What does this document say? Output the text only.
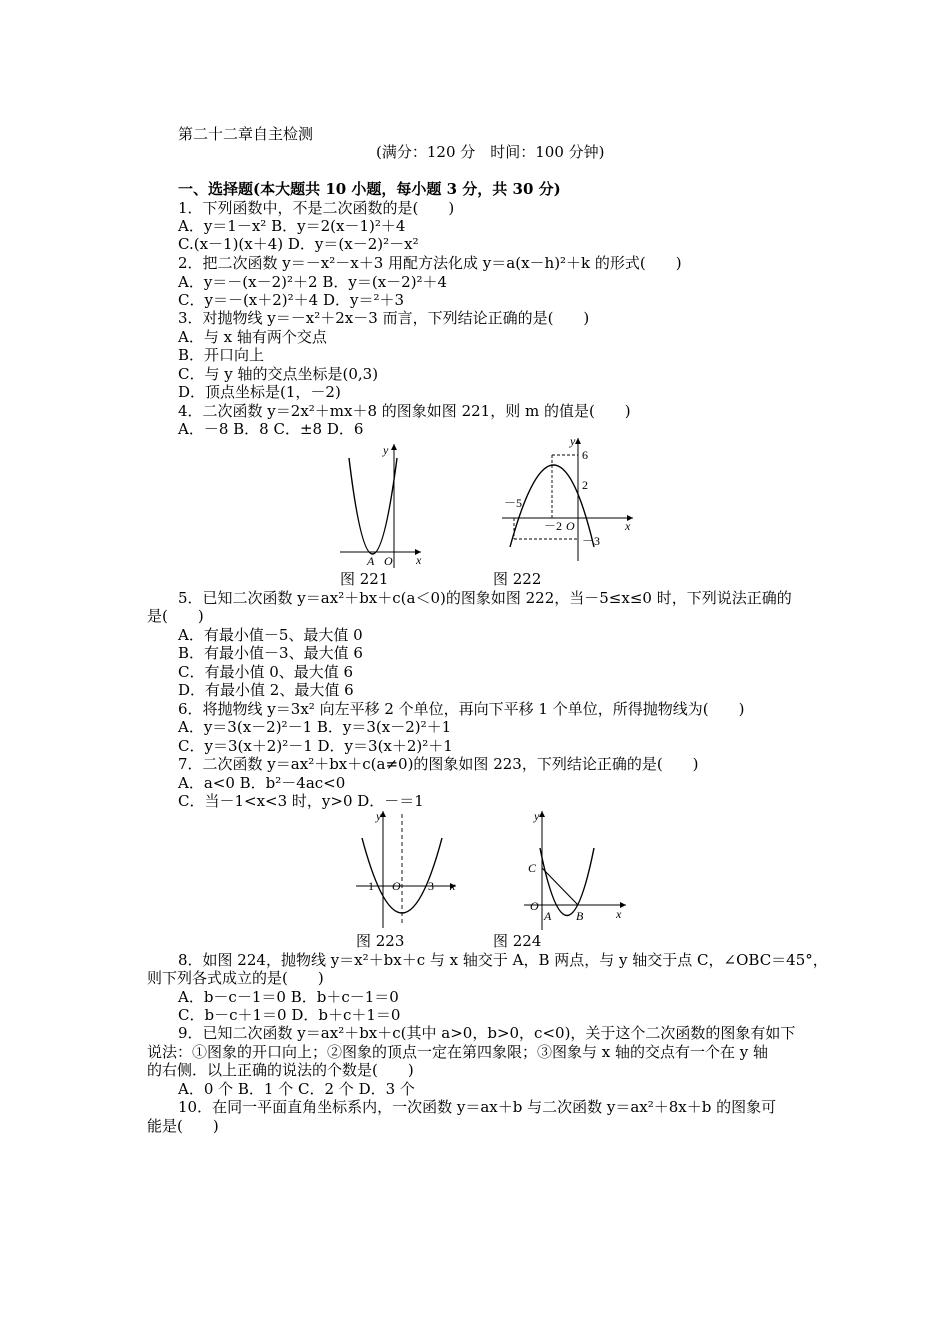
第二十二章自主检测
(满分：120 分　时间：100 分钟)
一、选择题(本大题共 10 小题，每小题 3 分，共 30 分)
1．下列函数中，不是二次函数的是(　　)
A．y＝1－x² B．y＝2(x－1)²＋4
C.(x－1)(x＋4) D．y＝(x－2)²－x²
2．把二次函数 y＝－x²－x＋3 用配方法化成 y＝a(x－h)²＋k 的形式(　　)
A．y＝－(x－2)²＋2 B．y＝(x－2)²＋4
C．y＝－(x＋2)²＋4 D．y＝²＋3
3．对抛物线 y＝－x²＋2x－3 而言，下列结论正确的是(　　)
A．与 x 轴有两个交点
B．开口向上
C．与 y 轴的交点坐标是(0,3)
D．顶点坐标是(1，－2)
4．二次函数 y＝2x²＋mx＋8 的图象如图 221，则 m 的值是(　　)
A．－8 B．8 C．±8 D．6
y
x
A O
图 221
y
6
2
－5
－2 O	x
－3
图 222
5．已知二次函数 y＝ax²＋bx＋c(a＜0)的图象如图 222，当－5≤x≤0 时，下列说法正确的
是(　　)
A．有最小值－5、最大值 0
B．有最小值－3、最大值 6
C．有最小值 0、最大值 6
D．有最小值 2、最大值 6
6．将抛物线 y＝3x² 向左平移 2 个单位，再向下平移 1 个单位，所得抛物线为(　　)
A．y＝3(x－2)²－1 B．y＝3(x－2)²＋1
C．y＝3(x＋2)²－1 D．y＝3(x＋2)²＋1
7．二次函数 y＝ax²＋bx＋c(a≠0)的图象如图 223，下列结论正确的是(　　)
A．a<0 B．b²－4ac<0
C．当－1<x<3 时，y>0 D．－＝1
y
－1 O 3 x
图 223
y
C
O
A B	x
图 224
8．如图 224，抛物线 y＝x²＋bx＋c 与 x 轴交于 A，B 两点，与 y 轴交于点 C，∠OBC＝45°，
则下列各式成立的是(　　)
A．b－c－1＝0 B．b＋c－1＝0
C．b－c＋1＝0 D．b＋c＋1＝0
9．已知二次函数 y＝ax²＋bx＋c(其中 a>0，b>0，c<0)，关于这个二次函数的图象有如下
说法：①图象的开口向上；②图象的顶点一定在第四象限；③图象与 x 轴的交点有一个在 y 轴
的右侧．以上正确的说法的个数是(　　)
A．0 个 B．1 个 C．2 个 D．3 个
10．在同一平面直角坐标系内，一次函数 y＝ax＋b 与二次函数 y＝ax²＋8x＋b 的图象可
能是(　　)
